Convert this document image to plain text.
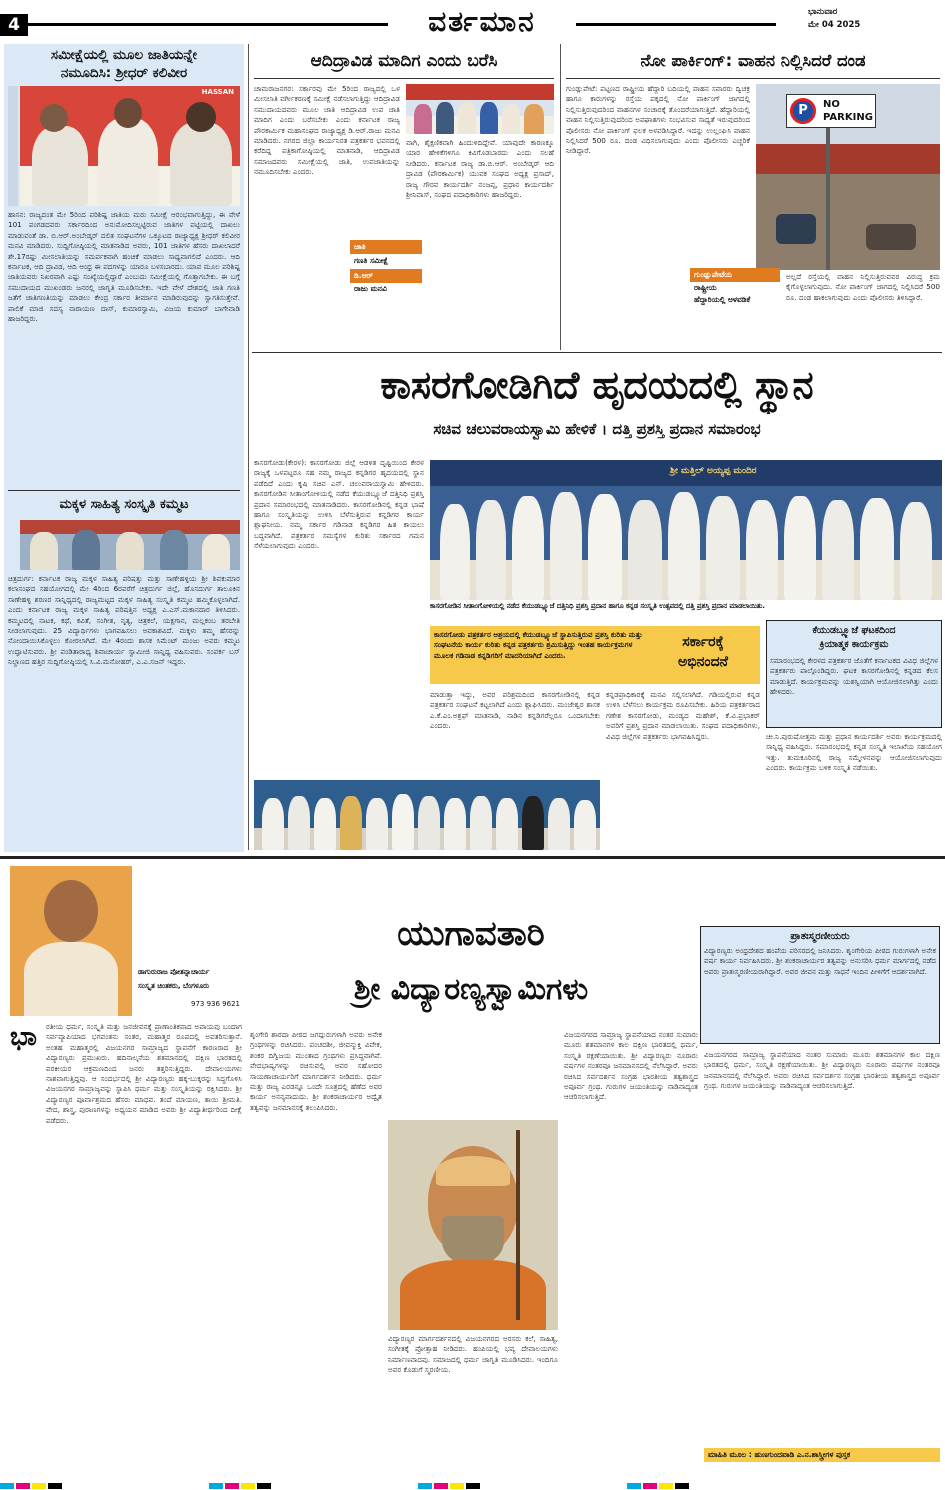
4	ವರ್ತಮಾನ	ಭಾನುವಾರ
ಮೇ 04 2025
ಸಮೀಕ್ಷೆಯಲ್ಲಿ ಮೂಲ ಜಾತಿಯನ್ನೇ
ನಮೂದಿಸಿ: ಶ್ರೀಧರ್ ಕಲಿವೀರ
HASSAN
ಹಾಸನ: ರಾಜ್ಯದಂತ ಮೇ 5ರಿಂದ ಪರಿಶಿಷ್ಟ ಜಾತಿಯ ಮರು ಸಮೀಕ್ಷೆ ಆರಂಭವಾಗುತ್ತಿದ್ದು, ಈ ವೇಳೆ 101 ಪಂಗಡದವರು ಸರ್ಕಾರದಿಂದ ಅನುಮೋದಿಸಲ್ಪಟ್ಟಿರುವ ಜಾತಿಗಳ ಪಟ್ಟಿಯಲ್ಲಿ ದಾಖಲು ಮಾಡುವಂತೆ ಡಾ. ಬಿ.ಆರ್.ಅಂಬೇಡ್ಕರ್ ದಲಿತ ಸಂಘಟನೆಗಳ ಒಕ್ಕೂಟದ ರಾಜ್ಯಾಧ್ಯಕ್ಷ ಶ್ರೀಧರ್ ಕಲಿವೀರ ಮನವಿ ಮಾಡಿದರು. ಸುದ್ದಿಗೋಷ್ಠಿಯಲ್ಲಿ ಮಾತನಾಡಿದ ಅವರು, 101 ಜಾತಿಗಳ ಹೆಸರು ದಾಖಲಾದರೆ ಶೇ.17ರಷ್ಟು ಮೀಸಲಾತಿಯನ್ನು ಸಮರ್ಪಕವಾಗಿ ಹಂಚಿಕೆ ಮಾಡಲು ಸಾಧ್ಯವಾಗಲಿದೆ ಎಂದರು. ಆದಿ ಕರ್ನಾಟಕ, ಆದಿ ದ್ರಾವಿಡ, ಆದಿ ಆಂಧ್ರ ಈ ಪದಗಳನ್ನು ಯಾರೂ ಬಳಸಬಾರದು. ಯಾವ ಮೂಲ ಪರಿಶಿಷ್ಟ ಜಾತಿಯವರು ನಿಖರವಾಗಿ ಎಷ್ಟು ಸಂಖ್ಯೆಯಲ್ಲಿದ್ದಾರೆ ಎಂಬುದು ಸಮೀಕ್ಷೆಯಲ್ಲಿ ಗೊತ್ತಾಗಬೇಕು. ಈ ಬಗ್ಗೆ ಸಮುದಾಯದ ಮುಖಂಡರು ಜನರಲ್ಲಿ ಜಾಗೃತಿ ಮೂಡಿಸಬೇಕು. ಇದೇ ವೇಳೆ ದೇಶದಲ್ಲಿ ಜಾತಿ ಗಣತಿ ಜತೆಗೆ ಜಾತಿಗಣತಿಯನ್ನು ಮಾಡಲು ಕೇಂದ್ರ ಸರ್ಕಾರ ತೀರ್ಮಾನ ಮಾಡಿರುವುದನ್ನು ಸ್ವಾಗತಿಸುತ್ತೇವೆ. ಪಾಲಿಕೆ ಮಾಜಿ ಸದಸ್ಯ ನಾರಾಯಣ ದಾಸ್, ಕುಮಾರಸ್ವಾಮಿ, ವಿಜಯ ಕುಮಾರ್ ಬಾಗೇವಾಡಿ ಹಾಜರಿದ್ದರು.
ಮಕ್ಕಳ ಸಾಹಿತ್ಯ ಸಂಸ್ಕೃತಿ ಕಮ್ಮಟ
ಚಿತ್ರದುರ್ಗ: ಕರ್ನಾಟಕ ರಾಜ್ಯ ಮಕ್ಕಳ ಸಾಹಿತ್ಯ ಪರಿಷತ್ತು ಮತ್ತು ಸಾಣೇಹಳ್ಳಿಯ ಶ್ರೀ ಶಿವಕುಮಾರ ಕಲಾಸಂಘದ ಸಹಯೋಗದಲ್ಲಿ ಮೇ 4ರಿಂದ 6ರವರೆಗೆ ಚಿತ್ರದುರ್ಗ ಜಿಲ್ಲೆ, ಹೊಸದುರ್ಗ ತಾಲೂಕಿನ ಸಾಣೇಹಳ್ಳಿ ಶರಣರ ಸಾನ್ನಿಧ್ಯದಲ್ಲಿ ರಾಜ್ಯಮಟ್ಟದ ಮಕ್ಕಳ ಸಾಹಿತ್ಯ ಸಂಸ್ಕೃತಿ ಕಮ್ಮಟ ಹಮ್ಮಿಕೊಳ್ಳಲಾಗಿದೆ. ಎಂದು ಕರ್ನಾಟಕ ರಾಜ್ಯ ಮಕ್ಕಳ ಸಾಹಿತ್ಯ ಪರಿಷತ್ತಿನ ಅಧ್ಯಕ್ಷ ಎ.ಎಸ್.ಮಕಾನದಾರ ತಿಳಿಸಿದರು. ಕಮ್ಮಟದಲ್ಲಿ ನಾಟಕ, ಕಥೆ, ಕವಿತೆ, ಸಂಗೀತ, ನೃತ್ಯ, ಚಿತ್ರಕಲೆ, ಯಕ್ಷಗಾನ, ಮಲ್ಲಕಂಬ ತರಬೇತಿ ನೀಡಲಾಗುವುದು. 25 ವಿದ್ಯಾರ್ಥಿಗಳು ಭಾಗವಹಿಸಲು ಅವಕಾಶವಿದೆ. ಮಕ್ಕಳು ತಮ್ಮ ಹೆಸರನ್ನು ನೋಂದಾಯಿಸಿಕೊಳ್ಳಲು ಕೋರಲಾಗಿದೆ. ಮೇ 4ರಂದು ಶಾಸಕ ಸಿಮೆಂಟ್ ಮಂಜು ಅವರು ಕಮ್ಮಟ ಉದ್ಘಾಟಿಸುವರು. ಶ್ರೀ ಪಂಡಿತಾರಾಧ್ಯ ಶಿವಾಚಾರ್ಯ ಸ್ವಾಮೀಜಿ ಸಾನ್ನಿಧ್ಯ ವಹಿಸುವರು. ಸಂಪರ್ಕ ಬಸ್ ನಿಲ್ದಾಣದ ಹತ್ತಿರ ಸುದ್ದಿಗೋಷ್ಠಿಯಲ್ಲಿ ಸಿ.ವಿ.ಮನೋಹರ್, ಎ.ಎ.ಸಜನ್ ಇದ್ದರು.
ಆದಿದ್ರಾವಿಡ ಮಾದಿಗ ಎಂದು ಬರೆಸಿ
ಚಾಮರಾಜನಗರ: ಸರ್ಕಾರವು ಮೇ 5ರಿಂದ ರಾಜ್ಯದಲ್ಲಿ ಒಳ ಮೀಸಲಾತಿ ವರ್ಗೀಕರಣಕ್ಕೆ ಸಮೀಕ್ಷೆ ನಡೆಸಲಾಗುತ್ತಿದ್ದು ಆದಿದ್ರಾವಿಡ ಸಮುದಾಯದವರು ಮೂಲ ಜಾತಿ ಆದಿದ್ರಾವಿಡ ಉಪ ಜಾತಿ ಮಾದಿಗ ಎಂದು ಬರೆಸಬೇಕು ಎಂದು ಕರ್ನಾಟಕ ರಾಜ್ಯ ಪೌರಕಾರ್ಮಿಕ ಮಹಾಸಂಘದ ರಾಜ್ಯಾಧ್ಯಕ್ಷ ಡಿ.ಆರ್.ರಾಜು ಮನವಿ ಮಾಡಿದರು. ನಗರದ ಜಿಲ್ಲಾ ಕಾರ್ಯನಿರತ ಪತ್ರಕರ್ತರ ಭವನದಲ್ಲಿ ಕರೆದಿದ್ದ ಪತ್ರಿಕಾಗೋಷ್ಠಿಯಲ್ಲಿ ಮಾತನಾಡಿ, ಆದಿದ್ರಾವಿಡ ಸಮಾಜದವರು ಸಮೀಕ್ಷೆಯಲ್ಲಿ ಜಾತಿ, ಉಪಜಾತಿಯನ್ನು ನಮೂದಿಸಬೇಕು ಎಂದರು.
ವಾಗಿ, ಶೈಕ್ಷಣಿಕವಾಗಿ ಹಿಂದುಳಿದಿದ್ದೇವೆ. ಯಾವುದೇ ಕಾರಣಕ್ಕೂ ಯಾರ ಹೇಳಿಕೆಗಳಿಗೂ ಕಿವಿಗೊಡಬಾರದು ಎಂದು ಸಲಹೆ ನೀಡಿದರು. ಕರ್ನಾಟಕ ರಾಜ್ಯ ಡಾ.ಬಿ.ಆರ್. ಅಂಬೇಡ್ಕರ್ ಆದಿ ದ್ರಾವಿಡ (ಪೌರಕಾರ್ಮಿಕ) ಯುವಕ ಸಂಘದ ಅಧ್ಯಕ್ಷ ಪ್ರಸಾದ್, ರಾಜ್ಯ ಗೌರವ ಕಾರ್ಯದರ್ಶಿ ನಂಜಪ್ಪ, ಪ್ರಧಾನ ಕಾರ್ಯದರ್ಶಿ ಶ್ರೀನಿವಾಸ್, ಸಂಘದ ಪದಾಧಿಕಾರಿಗಳು ಹಾಜರಿದ್ದರು.
ಜಾತಿ
ಗಣತಿ ಸಮೀಕ್ಷೆ
ಡಿ.ಆರ್
ರಾಜು ಮನವಿ
ನೋ ಪಾರ್ಕಿಂಗ್: ವಾಹನ ನಿಲ್ಲಿಸಿದರೆ ದಂಡ
ಗುಂಡ್ಲುಪೇಟೆ: ಪಟ್ಟಣದ ರಾಷ್ಟ್ರೀಯ ಹೆದ್ದಾರಿ ಬದಿಯಲ್ಲಿ ವಾಹನ ಸವಾರರು ದ್ವಿಚಕ್ರ ಹಾಗೂ ಕಾರುಗಳನ್ನು ರಸ್ತೆಯ ಪಕ್ಕದಲ್ಲಿ ನೋ ಪಾರ್ಕಿಂಗ್ ಜಾಗದಲ್ಲಿ ನಿಲ್ಲಿಸುತ್ತಿರುವುದರಿಂದ ವಾಹನಗಳ ಸಂಚಾರಕ್ಕೆ ತೊಂದರೆಯಾಗುತ್ತಿದೆ. ಹೆದ್ದಾರಿಯಲ್ಲಿ ವಾಹನ ನಿಲ್ಲಿಸುತ್ತಿರುವುದರಿಂದ ಅಪಘಾತಗಳು ಸಂಭವಿಸುವ ಸಾಧ್ಯತೆ ಇರುವುದರಿಂದ ಪೊಲೀಸರು ನೋ ಪಾರ್ಕಿಂಗ್ ಫಲಕ ಅಳವಡಿಸಿದ್ದಾರೆ. ಇದನ್ನು ಉಲ್ಲಂಘಿಸಿ ವಾಹನ ನಿಲ್ಲಿಸಿದರೆ 500 ರೂ. ದಂಡ ವಿಧಿಸಲಾಗುವುದು ಎಂದು ಪೊಲೀಸರು ಎಚ್ಚರಿಕೆ ನೀಡಿದ್ದಾರೆ.
P	NO
PARKING
ಗುಂಡ್ಲುಪೇಟೆಯ
ರಾಷ್ಟ್ರೀಯ
ಹೆದ್ದಾರಿಯಲ್ಲಿ ಅಳವಡಿಕೆ
ಅಲ್ಲದೆ ರಸ್ತೆಯಲ್ಲಿ ವಾಹನ ನಿಲ್ಲಿಸುತ್ತಿರುವವರ ವಿರುದ್ಧ ಕ್ರಮ ಕೈಗೊಳ್ಳಲಾಗುವುದು. ನೋ ಪಾರ್ಕಿಂಗ್ ಜಾಗದಲ್ಲಿ ನಿಲ್ಲಿಸಿದರೆ 500 ರೂ. ದಂಡ ಹಾಕಲಾಗುವುದು ಎಂದು ಪೊಲೀಸರು ತಿಳಿಸಿದ್ದಾರೆ.
ಕಾಸರಗೋಡಿಗಿದೆ ಹೃದಯದಲ್ಲಿ ಸ್ಥಾನ
ಸಚಿವ ಚಲುವರಾಯಸ್ವಾಮಿ ಹೇಳಿಕೆ । ದತ್ತಿ ಪ್ರಶಸ್ತಿ ಪ್ರದಾನ ಸಮಾರಂಭ
ಕಾಸರಗೋಡು(ಕೇರಳ): ಕಾಸರಗೋಡು ಜಿಲ್ಲೆ ಆಡಳಿತ ದೃಷ್ಟಿಯಿಂದ ಕೇರಳ ರಾಜ್ಯಕ್ಕೆ ಒಳಪಟ್ಟರೂ ಸಹ ನಮ್ಮ ರಾಜ್ಯದ ಕನ್ನಡಿಗರ ಹೃದಯದಲ್ಲಿ ಸ್ಥಾನ ಪಡೆದಿದೆ ಎಂದು ಕೃಷಿ ಸಚಿವ ಎನ್. ಚಲುವರಾಯಸ್ವಾಮಿ ಹೇಳಿದರು. ಕಾಸರಗೋಡಿನ ಸೀತಾಂಗೋಳಿಯಲ್ಲಿ ನಡೆದ ಕೆಯುಡಬ್ಲ್ಯೂಜೆ ದತ್ತಿನಿಧಿ ಪ್ರಶಸ್ತಿ ಪ್ರದಾನ ಸಮಾರಂಭದಲ್ಲಿ ಮಾತನಾಡಿದರು. ಕಾಸರಗೋಡಿನಲ್ಲಿ ಕನ್ನಡ ಭಾಷೆ ಹಾಗೂ ಸಂಸ್ಕೃತಿಯನ್ನು ಉಳಿಸಿ ಬೆಳೆಸುತ್ತಿರುವ ಕನ್ನಡಿಗರ ಕಾರ್ಯ ಶ್ಲಾಘನೀಯ. ನಮ್ಮ ಸರ್ಕಾರ ಗಡಿನಾಡ ಕನ್ನಡಿಗರ ಹಿತ ಕಾಯಲು ಬದ್ಧವಾಗಿದೆ. ಪತ್ರಕರ್ತರ ಸಮಸ್ಯೆಗಳ ಕುರಿತು ಸರ್ಕಾರದ ಗಮನ ಸೆಳೆಯಲಾಗುವುದು ಎಂದರು.
ಶ್ರೀ ಮತ್ತಿಲ್ ಅಯ್ಯಪ್ಪ ಮಂದಿರ
ಕಾಸರಗೋಡಿನ ಸೀತಾಂಗೋಳಿಯಲ್ಲಿ ನಡೆದ ಕೆಯುಡಬ್ಲ್ಯೂಜೆ ದತ್ತಿನಿಧಿ ಪ್ರಶಸ್ತಿ ಪ್ರದಾನ ಹಾಗೂ ಕನ್ನಡ ಸಂಸ್ಕೃತಿ ಉತ್ಸವದಲ್ಲಿ ದತ್ತಿ ಪ್ರಶಸ್ತಿ ಪ್ರದಾನ ಮಾಡಲಾಯಿತು.
ಕಾಸರಗೋಡು ಪತ್ರಕರ್ತರ ಆಶ್ರಯದಲ್ಲಿ ಕೆಯುಡಬ್ಲ್ಯೂಜೆ ಸ್ಥಾಪಿಸುತ್ತಿರುವ ಪ್ರಶಸ್ತಿ ಕುರಿತು ಮತ್ತು ಸಂಘಟನೆಯ ಕಾರ್ಯ ಕುರಿತು ಕನ್ನಡ ಪತ್ರಕರ್ತರು ಶ್ರಮಿಸುತ್ತಿದ್ದು ಇಂತಹ ಕಾರ್ಯಕ್ರಮಗಳ ಮೂಲಕ ಗಡಿನಾಡ ಕನ್ನಡಿಗರಿಗೆ ಮಾದರಿಯಾಗಿದೆ ಎಂದರು.
ಸರ್ಕಾರಕ್ಕೆ
ಅಭಿನಂದನೆ
ಕೆಯುಡಬ್ಲ್ಯೂಜೆ ಘಟಕದಿಂದ
ಕ್ರಿಯಾತ್ಮಕ ಕಾರ್ಯಕ್ರಮ
ಸಮಾರಂಭದಲ್ಲಿ ಕೇರಳದ ಪತ್ರಕರ್ತರ ಜೊತೆಗೆ ಕರ್ನಾಟಕದ ವಿವಿಧ ಜಿಲ್ಲೆಗಳ ಪತ್ರಕರ್ತರು ಪಾಲ್ಗೊಂಡಿದ್ದರು. ಘಟಕ ಕಾಸರಗೋಡಿನಲ್ಲಿ ಕನ್ನಡದ ಕೆಲಸ ಮಾಡುತ್ತಿದೆ. ಕಾರ್ಯಕ್ರಮವನ್ನು ಯಶಸ್ವಿಯಾಗಿ ಆಯೋಜಿಸಲಾಗಿತ್ತು ಎಂದು ಹೇಳಿದರು.
ಮಾಡುತ್ತಾ ಇದ್ದು, ಅವರ ಪರಿಶ್ರಮದಿಂದ ಕಾಸರಗೋಡಿನಲ್ಲಿ ಕನ್ನಡ ಪತ್ರಕರ್ತರ ಸಂಘಟನೆ ಕಟ್ಟಲಾಗಿದೆ ಎಂದು ಶ್ಲಾಘಿಸಿದರು. ಮಂಜೇಶ್ವರ ಶಾಸಕ ಎ.ಕೆ.ಎಂ.ಅಶ್ರಫ್ ಮಾತನಾಡಿ, ನಾಡಿನ ಕನ್ನಡಿಗರೆಲ್ಲರೂ ಒಂದಾಗಬೇಕು ಎಂದರು.
ಕನ್ನಡಪ್ರಾಧಿಕಾರಕ್ಕೆ ಮನವಿ ಸಲ್ಲಿಸಲಾಗಿದೆ. ಗಡಿಯಲ್ಲಿರುವ ಕನ್ನಡ ಉಳಿಸಿ ಬೆಳೆಸಲು ಕಾರ್ಯಕ್ರಮ ರೂಪಿಸಬೇಕು. ಹಿರಿಯ ಪತ್ರಕರ್ತರಾದ ಗಣೇಶ ಕಾಸರಗೋಡು, ಮಂಡ್ಯದ ಮಹೇಶ್, ಕೆ.ವಿ.ಪ್ರಭಾಕರ್ ಅವರಿಗೆ ಪ್ರಶಸ್ತಿ ಪ್ರದಾನ ಮಾಡಲಾಯಿತು. ಸಂಘದ ಪದಾಧಿಕಾರಿಗಳು, ವಿವಿಧ ಜಿಲ್ಲೆಗಳ ಪತ್ರಕರ್ತರು ಭಾಗವಹಿಸಿದ್ದರು.	ಚೀ.ನಿ.ಪುರುಷೋತ್ತಮ ಮತ್ತು ಪ್ರಧಾನ ಕಾರ್ಯದರ್ಶಿ ಅವರು ಕಾರ್ಯಕ್ರಮದಲ್ಲಿ ಸಾನ್ನಿಧ್ಯ ವಹಿಸಿದ್ದರು. ಸಮಾರಂಭದಲ್ಲಿ ಕನ್ನಡ ಸಂಸ್ಕೃತಿ ಇಲಾಖೆಯ ಸಹಯೋಗ ಇತ್ತು. ತುಮಕೂರಿನಲ್ಲಿ ರಾಜ್ಯ ಸಮ್ಮೇಳನವನ್ನು ಆಯೋಜಿಸಲಾಗುವುದು ಎಂದರು. ಕಾರ್ಯಕ್ರಮ ಬಳಿಕ ಸಂಸ್ಕೃತಿ ನಡೆಯಿತು.
ಡಾಗುರುರಾಜ ಪೋತನ್ನಾಚಾರ್ಯ
ಸಂಸ್ಕೃತ ಚಿಂತಕರು, ಬೆಂಗಳೂರು
973 936 9621
ಯುಗಾವತಾರಿ
ಶ್ರೀ ವಿದ್ಯಾರಣ್ಯಸ್ವಾಮಿಗಳು
ಪ್ರಾತಃಸ್ಮರಣೀಯರು
ವಿದ್ಯಾರಣ್ಯರು ಅಂಧ್ರದೇಶದ ಹಂಪೆಯ ಪರಿಸರದಲ್ಲಿ ಜನಿಸಿದರು. ಶೃಂಗೇರಿಯ ಪೀಠದ ಗುರುಗಳಾಗಿ ಅನೇಕ ವರ್ಷ ಕಾರ್ಯ ನಿರ್ವಹಿಸಿದರು. ಶ್ರೀ ಶಂಕರಾಚಾರ್ಯರ ತತ್ವವನ್ನು ಅನುಸರಿಸಿ ಧರ್ಮ ಮಾರ್ಗದಲ್ಲಿ ನಡೆದ ಅವರು ಪ್ರಾತಃಸ್ಮರಣೀಯರಾಗಿದ್ದಾರೆ. ಅವರ ಜೀವನ ಮತ್ತು ಸಾಧನೆ ಇಂದಿನ ಪೀಳಿಗೆಗೆ ಆದರ್ಶವಾಗಿದೆ.
ಭಾ	ರತೀಯ ಧರ್ಮ, ಸಂಸ್ಕೃತಿ ಮತ್ತು ಜನಜೀವನಕ್ಕೆ ಪ್ರಾಣಾಂತಿಕವಾದ ಅಪಾಯವು ಬಂದಾಗ ಸರ್ವವ್ಯಾಪಿಯಾದ ಭಗವಂತನು ಸಂತರ, ಮಹಾತ್ಮರ ರೂಪದಲ್ಲಿ ಅವತರಿಸುತ್ತಾನೆ. ಅಂತಹ ಮಹಾತ್ಮರಲ್ಲಿ ವಿಜಯನಗರ ಸಾಮ್ರಾಜ್ಯದ ಸ್ಥಾಪನೆಗೆ ಕಾರಣರಾದ ಶ್ರೀ ವಿದ್ಯಾರಣ್ಯರು ಪ್ರಮುಖರು. ಹದಿನಾಲ್ಕನೆಯ ಶತಮಾನದಲ್ಲಿ ದಕ್ಷಿಣ ಭಾರತದಲ್ಲಿ ಪರಕೀಯರ ಆಕ್ರಮಣದಿಂದ ಜನರು ತತ್ತರಿಸುತ್ತಿದ್ದರು. ದೇವಾಲಯಗಳು ನಾಶವಾಗುತ್ತಿದ್ದವು. ಆ ಸಂದರ್ಭದಲ್ಲಿ ಶ್ರೀ ವಿದ್ಯಾರಣ್ಯರು ಹಕ್ಕ-ಬುಕ್ಕರನ್ನು ಸಿದ್ಧಗೊಳಿಸಿ ವಿಜಯನಗರ ಸಾಮ್ರಾಜ್ಯವನ್ನು ಸ್ಥಾಪಿಸಿ ಧರ್ಮ ಮತ್ತು ಸಂಸ್ಕೃತಿಯನ್ನು ರಕ್ಷಿಸಿದರು. ಶ್ರೀ ವಿದ್ಯಾರಣ್ಯರ ಪೂರ್ವಾಶ್ರಮದ ಹೆಸರು ಮಾಧವ. ತಂದೆ ಮಾಯಣ, ತಾಯಿ ಶ್ರೀಮತಿ. ವೇದ, ಶಾಸ್ತ್ರ, ಪುರಾಣಗಳನ್ನು ಅಧ್ಯಯನ ಮಾಡಿದ ಅವರು ಶ್ರೀ ವಿದ್ಯಾತೀರ್ಥರಿಂದ ದೀಕ್ಷೆ ಪಡೆದರು.
ಶೃಂಗೇರಿ ಶಾರದಾ ಪೀಠದ ಜಗದ್ಗುರುಗಳಾಗಿ ಅವರು ಅನೇಕ ಗ್ರಂಥಗಳನ್ನು ರಚಿಸಿದರು. ಪಂಚದಶೀ, ಜೀವನ್ಮುಕ್ತಿ ವಿವೇಕ, ಶಂಕರ ದಿಗ್ವಿಜಯ ಮುಂತಾದ ಗ್ರಂಥಗಳು ಪ್ರಸಿದ್ಧವಾಗಿವೆ. ವೇದಭಾಷ್ಯಗಳನ್ನು ರಚಿಸುವಲ್ಲಿ ಅವರ ಸಹೋದರ ಸಾಯಣಾಚಾರ್ಯರಿಗೆ ಮಾರ್ಗದರ್ಶನ ನೀಡಿದರು. ಧರ್ಮ ಮತ್ತು ರಾಜ್ಯ ಎರಡನ್ನೂ ಒಂದೇ ಸೂತ್ರದಲ್ಲಿ ಹೆಣೆದ ಅವರ ಕಾರ್ಯ ಅನನ್ಯವಾದುದು. ಶ್ರೀ ಶಂಕರಾಚಾರ್ಯರ ಅದ್ವೈತ ತತ್ವವನ್ನು ಜನಮಾನಸಕ್ಕೆ ತಲುಪಿಸಿದರು.
ವಿದ್ಯಾರಣ್ಯರ ಮಾರ್ಗದರ್ಶನದಲ್ಲಿ ವಿಜಯನಗರದ ಅರಸರು ಕಲೆ, ಸಾಹಿತ್ಯ, ಸಂಗೀತಕ್ಕೆ ಪ್ರೋತ್ಸಾಹ ನೀಡಿದರು. ಹಂಪಿಯಲ್ಲಿ ಭವ್ಯ ದೇವಾಲಯಗಳು ನಿರ್ಮಾಣವಾದವು. ಸಮಾಜದಲ್ಲಿ ಧರ್ಮ ಜಾಗೃತಿ ಮೂಡಿಸಿದರು. ಇಂದಿಗೂ ಅವರ ಕೊಡುಗೆ ಸ್ಮರಣೀಯ.
ವಿಜಯನಗರದ ಸಾಮ್ರಾಜ್ಯ ಸ್ಥಾಪನೆಯಾದ ನಂತರ ಸುಮಾರು ಮೂರು ಶತಮಾನಗಳ ಕಾಲ ದಕ್ಷಿಣ ಭಾರತದಲ್ಲಿ ಧರ್ಮ, ಸಂಸ್ಕೃತಿ ರಕ್ಷಣೆಯಾಯಿತು. ಶ್ರೀ ವಿದ್ಯಾರಣ್ಯರು ನೂರಾರು ವರ್ಷಗಳ ನಂತರವೂ ಜನಮಾನಸದಲ್ಲಿ ನೆಲೆಸಿದ್ದಾರೆ. ಅವರು ರಚಿಸಿದ ಸರ್ವದರ್ಶನ ಸಂಗ್ರಹ ಭಾರತೀಯ ತತ್ವಶಾಸ್ತ್ರದ ಅಪೂರ್ವ ಗ್ರಂಥ. ಗುರುಗಳ ಜಯಂತಿಯನ್ನು ನಾಡಿನಾದ್ಯಂತ ಆಚರಿಸಲಾಗುತ್ತಿದೆ.
ವಿಜಯನಗರದ ಸಾಮ್ರಾಜ್ಯ ಸ್ಥಾಪನೆಯಾದ ನಂತರ ಸುಮಾರು ಮೂರು ಶತಮಾನಗಳ ಕಾಲ ದಕ್ಷಿಣ ಭಾರತದಲ್ಲಿ ಧರ್ಮ, ಸಂಸ್ಕೃತಿ ರಕ್ಷಣೆಯಾಯಿತು. ಶ್ರೀ ವಿದ್ಯಾರಣ್ಯರು ನೂರಾರು ವರ್ಷಗಳ ನಂತರವೂ ಜನಮಾನಸದಲ್ಲಿ ನೆಲೆಸಿದ್ದಾರೆ. ಅವರು ರಚಿಸಿದ ಸರ್ವದರ್ಶನ ಸಂಗ್ರಹ ಭಾರತೀಯ ತತ್ವಶಾಸ್ತ್ರದ ಅಪೂರ್ವ ಗ್ರಂಥ. ಗುರುಗಳ ಜಯಂತಿಯನ್ನು ನಾಡಿನಾದ್ಯಂತ ಆಚರಿಸಲಾಗುತ್ತಿದೆ.
ಮಾಹಿತಿ ಮೂಲ : ಹುಣಗುಂದವಾಡಿ ಎ.ನ.ಶಾಸ್ತ್ರೀಗಳ ಪುಸ್ತಕ
